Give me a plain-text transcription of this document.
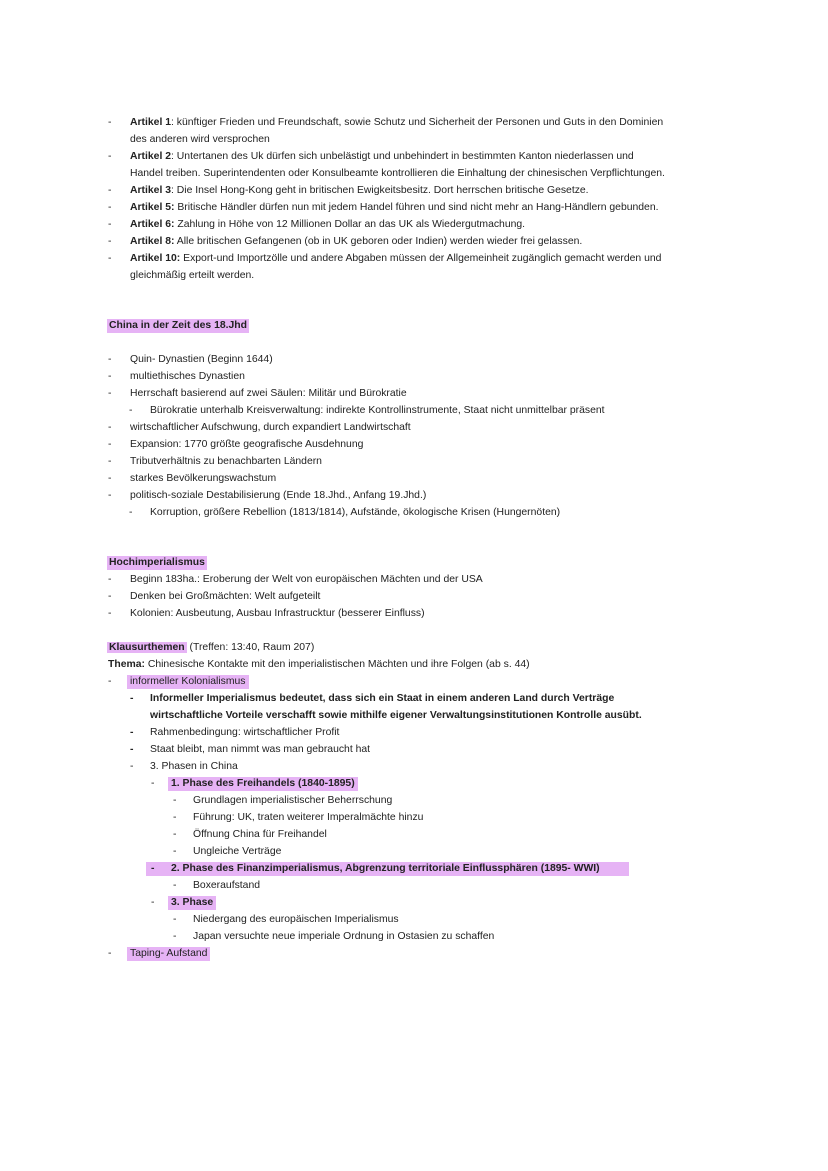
- Artikel 1: künftiger Frieden und Freundschaft, sowie Schutz und Sicherheit der Personen und Guts in den Dominien
des anderen wird versprochen
- Artikel 2: Untertanen des Uk dürfen sich unbelästigt und unbehindert in bestimmten Kanton niederlassen und
Handel treiben. Superintendenten oder Konsulbeamte kontrollieren die Einhaltung der chinesischen Verpflichtungen.
- Artikel 3: Die Insel Hong-Kong geht in britischen Ewigkeitsbesitz. Dort herrschen britische Gesetze.
- Artikel 5: Britische Händler dürfen nun mit jedem Handel führen und sind nicht mehr an Hang-Händlern gebunden.
- Artikel 6: Zahlung in Höhe von 12 Millionen Dollar an das UK als Wiedergutmachung.
- Artikel 8: Alle britischen Gefangenen (ob in UK geboren oder Indien) werden wieder frei gelassen.
- Artikel 10: Export-und Importzölle und andere Abgaben müssen der Allgemeinheit zugänglich gemacht werden und
gleichmäßig erteilt werden.
China in der Zeit des 18.Jhd
- Quin- Dynastien (Beginn 1644)
- multiethisches Dynastien
- Herrschaft basierend auf zwei Säulen: Militär und Bürokratie
- Bürokratie unterhalb Kreisverwaltung: indirekte Kontrollinstrumente, Staat nicht unmittelbar präsent
- wirtschaftlicher Aufschwung, durch expandiert Landwirtschaft
- Expansion: 1770 größte geografische Ausdehnung
- Tributverhältnis zu benachbarten Ländern
- starkes Bevölkerungswachstum
- politisch-soziale Destabilisierung (Ende 18.Jhd., Anfang 19.Jhd.)
- Korruption, größere Rebellion (1813/1814), Aufstände, ökologische Krisen (Hungernöten)
Hochimperialismus
- Beginn 183ha.: Eroberung der Welt von europäischen Mächten und der USA
- Denken bei Großmächten: Welt aufgeteilt
- Kolonien: Ausbeutung, Ausbau Infrastrucktur (besserer Einfluss)
Klausurthemen (Treffen: 13:40, Raum 207)
Thema: Chinesische Kontakte mit den imperialistischen Mächten und ihre Folgen (ab s. 44)
- informeller Kolonialismus
- Informeller Imperialismus bedeutet, dass sich ein Staat in einem anderen Land durch Verträge
wirtschaftliche Vorteile verschafft sowie mithilfe eigener Verwaltungsinstitutionen Kontrolle ausübt.
- Rahmenbedingung: wirtschaftlicher Profit
- Staat bleibt, man nimmt was man gebraucht hat
- 3. Phasen in China
- 1. Phase des Freihandels (1840-1895)
- Grundlagen imperialistischer Beherrschung
- Führung: UK, traten weiterer Imperalmächte hinzu
- Öffnung China für Freihandel
- Ungleiche Verträge
- 2. Phase des Finanzimperialismus, Abgrenzung territoriale Einflussphären (1895- WWI)
- Boxeraufstand
- 3. Phase
- Niedergang des europäischen Imperialismus
- Japan versuchte neue imperiale Ordnung in Ostasien zu schaffen
- Taping- Aufstand
